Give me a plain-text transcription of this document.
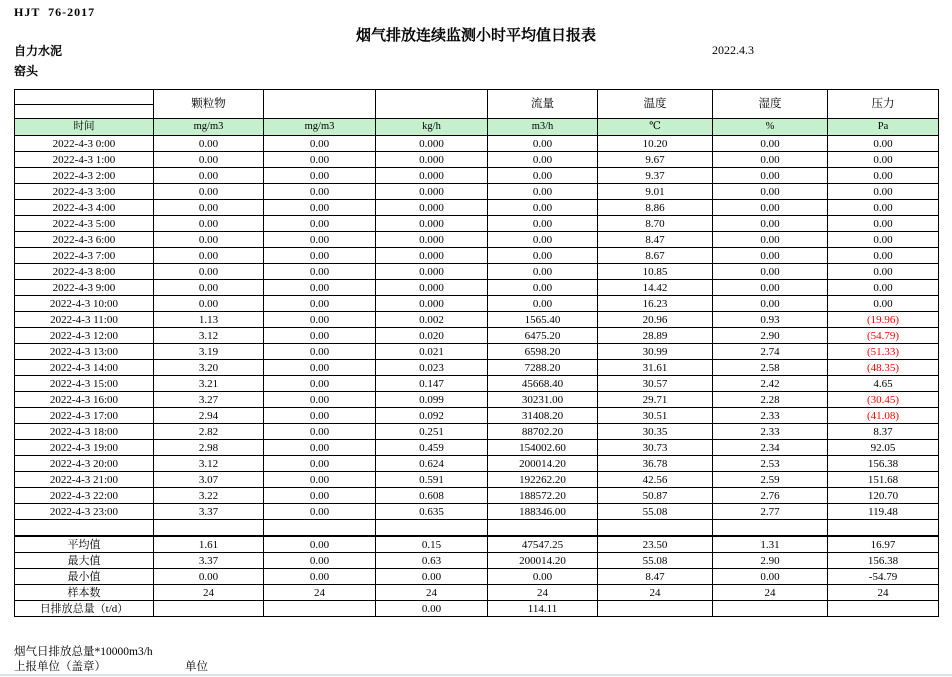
HJT  76-2017
烟气排放连续监测小时平均值日报表
自力水泥	2022.4.3
窑头
	颗粒物			流量	温度	湿度	压力
时间	mg/m3	mg/m3	kg/h	m3/h	℃	%	Pa
2022-4-3 0:00	0.00	0.00	0.000	0.00	10.20	0.00	0.00
2022-4-3 1:00	0.00	0.00	0.000	0.00	9.67	0.00	0.00
2022-4-3 2:00	0.00	0.00	0.000	0.00	9.37	0.00	0.00
2022-4-3 3:00	0.00	0.00	0.000	0.00	9.01	0.00	0.00
2022-4-3 4:00	0.00	0.00	0.000	0.00	8.86	0.00	0.00
2022-4-3 5:00	0.00	0.00	0.000	0.00	8.70	0.00	0.00
2022-4-3 6:00	0.00	0.00	0.000	0.00	8.47	0.00	0.00
2022-4-3 7:00	0.00	0.00	0.000	0.00	8.67	0.00	0.00
2022-4-3 8:00	0.00	0.00	0.000	0.00	10.85	0.00	0.00
2022-4-3 9:00	0.00	0.00	0.000	0.00	14.42	0.00	0.00
2022-4-3 10:00	0.00	0.00	0.000	0.00	16.23	0.00	0.00
2022-4-3 11:00	1.13	0.00	0.002	1565.40	20.96	0.93	(19.96)
2022-4-3 12:00	3.12	0.00	0.020	6475.20	28.89	2.90	(54.79)
2022-4-3 13:00	3.19	0.00	0.021	6598.20	30.99	2.74	(51.33)
2022-4-3 14:00	3.20	0.00	0.023	7288.20	31.61	2.58	(48.35)
2022-4-3 15:00	3.21	0.00	0.147	45668.40	30.57	2.42	4.65
2022-4-3 16:00	3.27	0.00	0.099	30231.00	29.71	2.28	(30.45)
2022-4-3 17:00	2.94	0.00	0.092	31408.20	30.51	2.33	(41.08)
2022-4-3 18:00	2.82	0.00	0.251	88702.20	30.35	2.33	8.37
2022-4-3 19:00	2.98	0.00	0.459	154002.60	30.73	2.34	92.05
2022-4-3 20:00	3.12	0.00	0.624	200014.20	36.78	2.53	156.38
2022-4-3 21:00	3.07	0.00	0.591	192262.20	42.56	2.59	151.68
2022-4-3 22:00	3.22	0.00	0.608	188572.20	50.87	2.76	120.70
2022-4-3 23:00	3.37	0.00	0.635	188346.00	55.08	2.77	119.48

平均值	1.61	0.00	0.15	47547.25	23.50	1.31	16.97
最大值	3.37	0.00	0.63	200014.20	55.08	2.90	156.38
最小值	0.00	0.00	0.00	0.00	8.47	0.00	-54.79
样本数	24	24	24	24	24	24	24
日排放总量（t/d）			0.00	114.11			
烟气日排放总量*10000m3/h
上报单位（盖章）	单位
